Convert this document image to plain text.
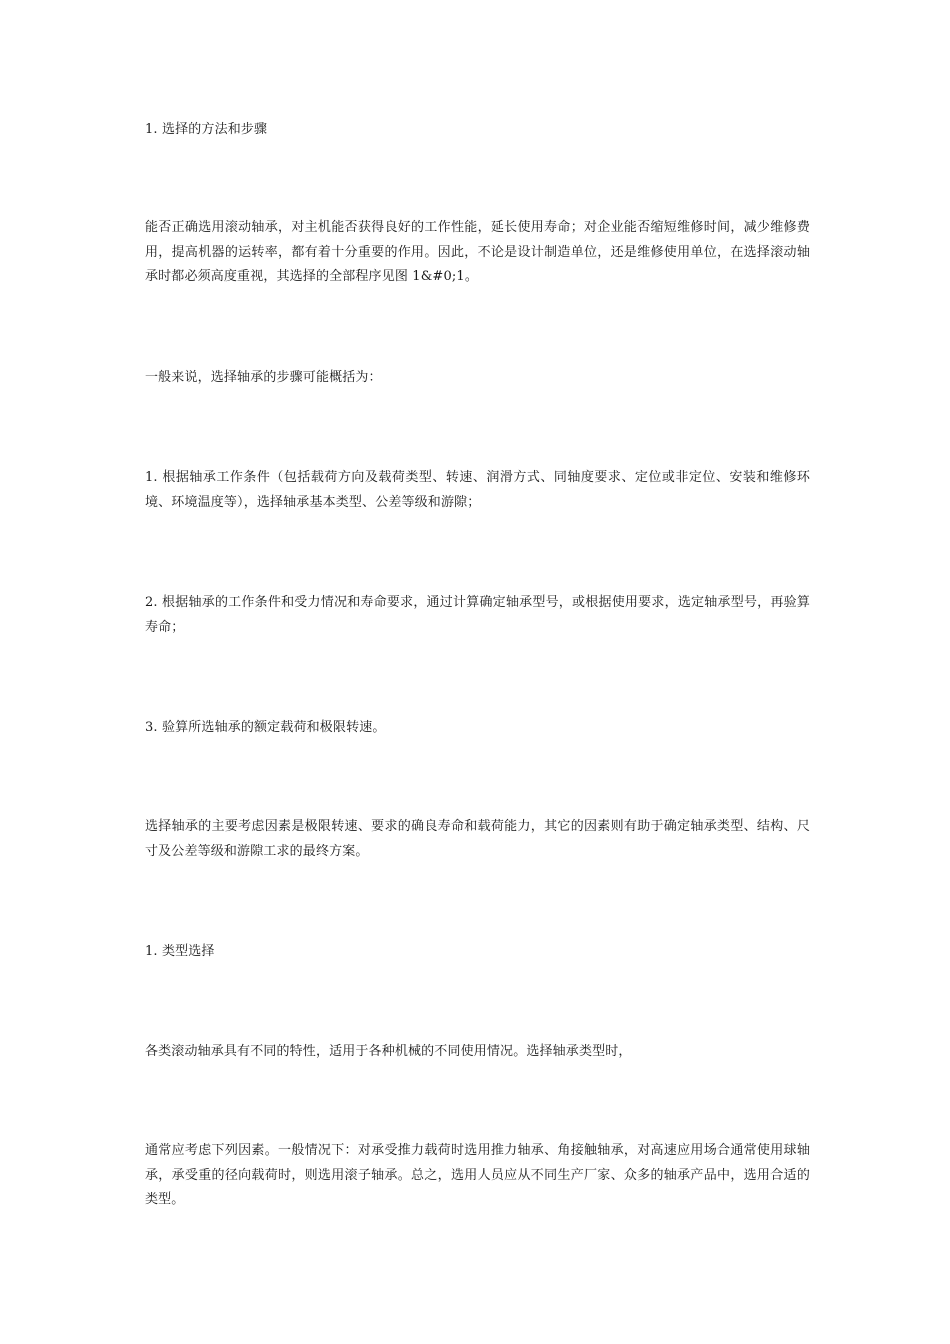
1. 选择的方法和步骤

能否正确选用滚动轴承，对主机能否获得良好的工作性能，延长使用寿命；对企业能否缩短维修时间，减少维修费用，提高机器的运转率，都有着十分重要的作用。因此，不论是设计制造单位，还是维修使用单位，在选择滚动轴承时都必须高度重视，其选择的全部程序见图 1&#0;1。

一般来说，选择轴承的步骤可能概括为：

1. 根据轴承工作条件（包括载荷方向及载荷类型、转速、润滑方式、同轴度要求、定位或非定位、安装和维修环境、环境温度等），选择轴承基本类型、公差等级和游隙；

2. 根据轴承的工作条件和受力情况和寿命要求，通过计算确定轴承型号，或根据使用要求，选定轴承型号，再验算寿命；

3. 验算所选轴承的额定载荷和极限转速。

选择轴承的主要考虑因素是极限转速、要求的确良寿命和载荷能力，其它的因素则有助于确定轴承类型、结构、尺寸及公差等级和游隙工求的最终方案。

1. 类型选择

各类滚动轴承具有不同的特性，适用于各种机械的不同使用情况。选择轴承类型时，

通常应考虑下列因素。一般情况下：对承受推力载荷时选用推力轴承、角接触轴承，对高速应用场合通常使用球轴承，承受重的径向载荷时，则选用滚子轴承。总之，选用人员应从不同生产厂家、众多的轴承产品中，选用合适的类型。
